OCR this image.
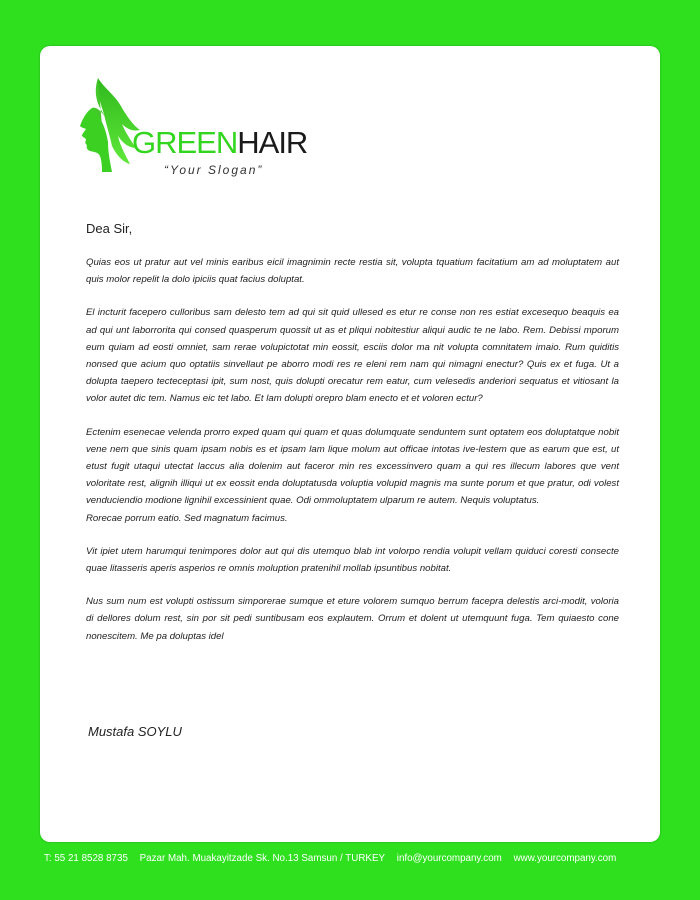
GREENHAIR
“Your Slogan”
Dea Sir,

Quias eos ut pratur aut vel minis earibus eicil imagnimin recte restia sit, volupta tquatium facitatium am ad moluptatem aut quis molor repelit la dolo ipiciis quat facius doluptat.

El incturit facepero culloribus sam delesto tem ad qui sit quid ullesed es etur re conse non res estiat excesequo beaquis ea ad qui unt laborrorita qui consed quasperum quossit ut as et pliqui nobitestiur aliqui audic te ne labo. Rem. Debissi mporum eum quiam ad eosti omniet, sam rerae volupictotat min eossit, esciis dolor ma nit volupta comnitatem imaio. Rum quiditis nonsed que acium quo optatiis sinvellaut pe aborro modi res re eleni rem nam qui nimagni enectur? Quis ex et fuga. Ut a dolupta taepero tecteceptasi ipit, sum nost, quis dolupti orecatur rem eatur, cum velesedis anderiori sequatus et vitiosant la volor autet dic tem. Namus eic tet labo. Et lam dolupti orepro blam enecto et et voloren ectur?

Ectenim esenecae velenda prorro exped quam qui quam et quas dolumquate senduntem sunt optatem eos doluptatque nobit vene nem que sinis quam ipsam nobis es et ipsam lam lique molum aut officae intotas ive-lestem que as earum que est, ut etust fugit utaqui utectat laccus alia dolenim aut faceror min res excessinvero quam a qui res illecum labores que vent voloritate rest, alignih illiqui ut ex eossit enda doluptatusda voluptia volupid magnis ma sunte porum et que pratur, odi volest venduciendio modione lignihil excessinient quae. Odi ommoluptatem ulparum re autem. Nequis voluptatus.

Rorecae porrum eatio. Sed magnatum facimus.

Vit ipiet utem harumqui tenimpores dolor aut qui dis utemquo blab int volorpo rendia volupit vellam quiduci coresti consecte quae litasseris aperis asperios re omnis moluption pratenihil mollab ipsuntibus nobitat.

Nus sum num est volupti ostissum simporerae sumque et eture volorem sumquo berrum facepra delestis arci-modit, voloria di dellores dolum rest, sin por sit pedi suntibusam eos explautem. Orrum et dolent ut utemquunt fuga. Tem quiaesto cone nonescitem. Me pa doluptas idel

Mustafa SOYLU
T: 55 21 8528 8735 Pazar Mah. Muakayitzade Sk. No.13 Samsun / TURKEY info@yourcompany.com www.yourcompany.com
